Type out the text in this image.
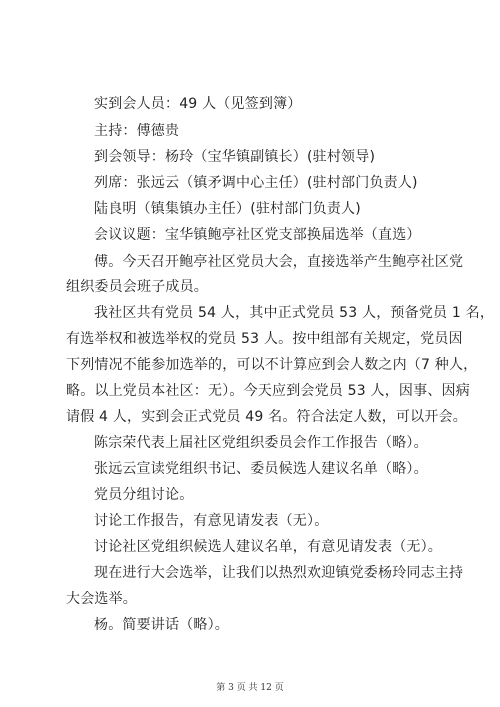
实到会人员：49 人（见签到簿）
主持：傅德贵
到会领导：杨玲（宝华镇副镇长）(驻村领导)
列席：张远云（镇矛调中心主任）(驻村部门负责人)
陆良明（镇集镇办主任）(驻村部门负责人)
会议议题：宝华镇鲍亭社区党支部换届选举（直选）
傅。今天召开鲍亭社区党员大会，直接选举产生鲍亭社区党
组织委员会班子成员。
我社区共有党员 54 人，其中正式党员 53 人，预备党员 1 名，
有选举权和被选举权的党员 53 人。按中组部有关规定，党员因
下列情况不能参加选举的，可以不计算应到会人数之内（7 种人，
略。以上党员本社区：无）。今天应到会党员 53 人，因事、因病
请假 4 人，实到会正式党员 49 名。符合法定人数，可以开会。
陈宗荣代表上届社区党组织委员会作工作报告（略）。
张远云宣读党组织书记、委员候选人建议名单（略）。
党员分组讨论。
讨论工作报告，有意见请发表（无）。
讨论社区党组织候选人建议名单，有意见请发表（无）。
现在进行大会选举，让我们以热烈欢迎镇党委杨玲同志主持
大会选举。
杨。简要讲话（略）。
第 3 页 共 12 页
